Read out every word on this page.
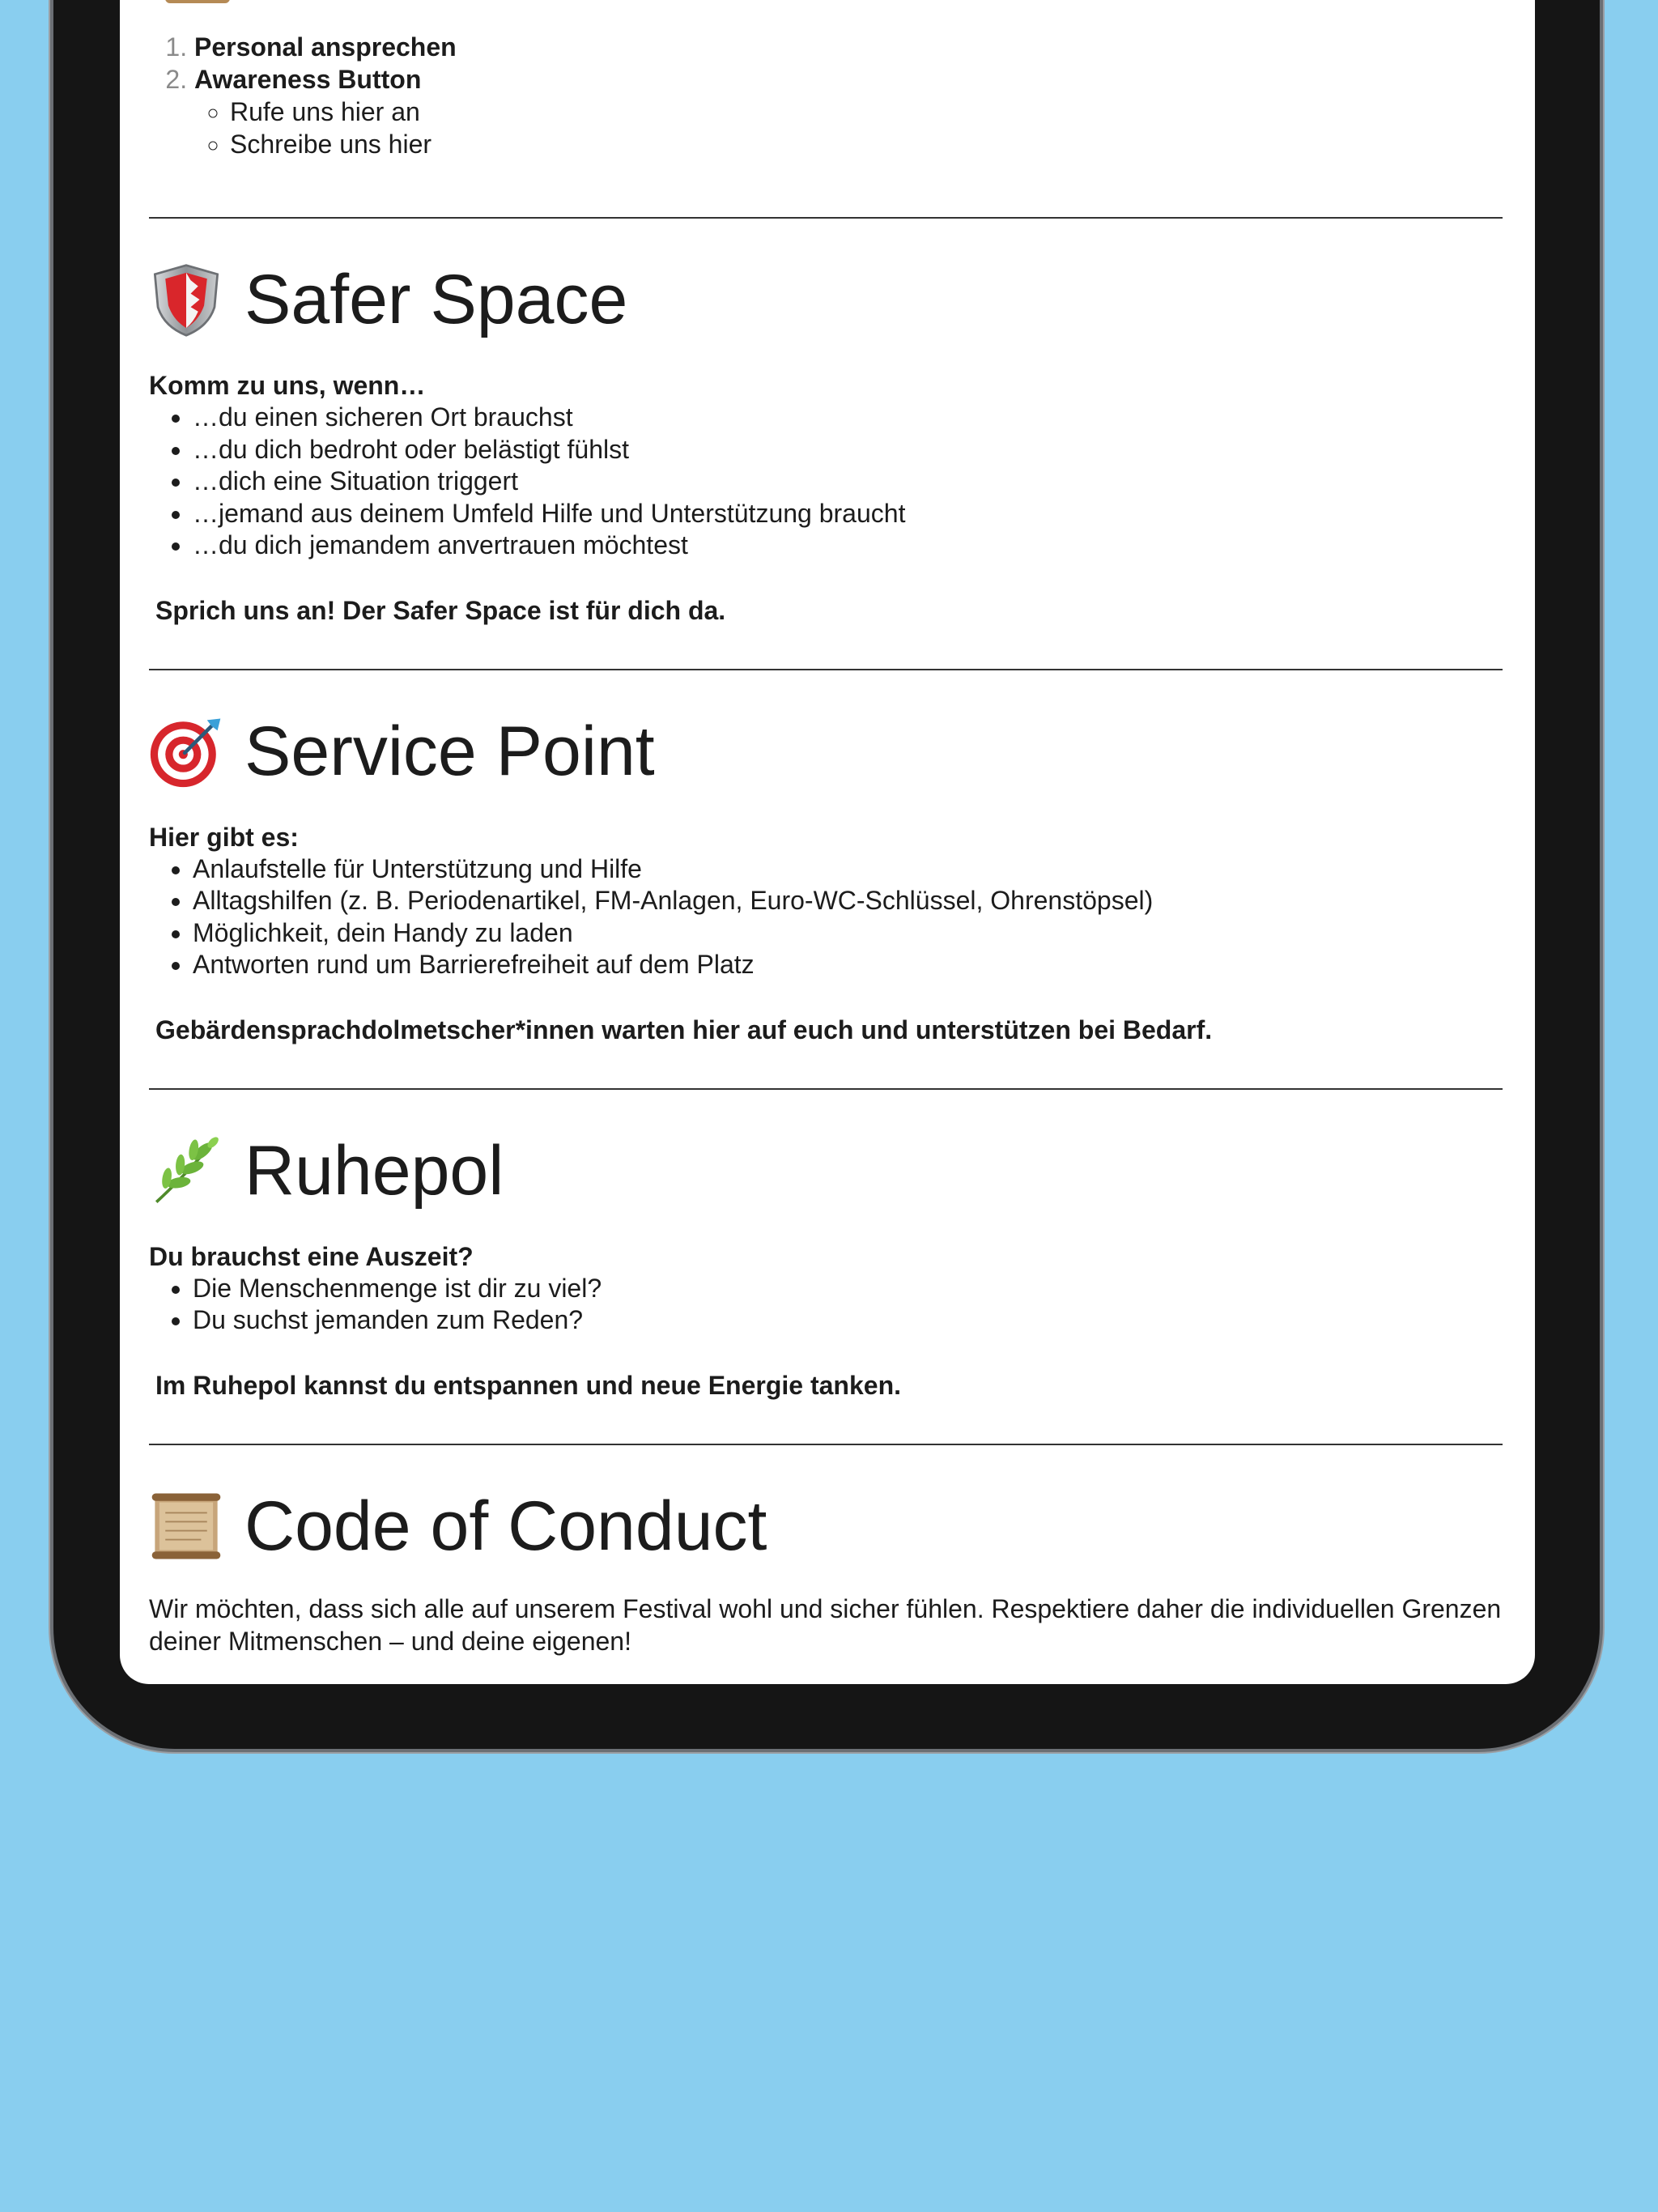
1. Personal ansprechen
2. Awareness Button
◦ Rufe uns hier an
◦ Schreibe uns hier
Safer Space

Komm zu uns, wenn…

• …du einen sicheren Ort brauchst
• …du dich bedroht oder belästigt fühlst
• …dich eine Situation triggert
• …jemand aus deinem Umfeld Hilfe und Unterstützung braucht
• …du dich jemandem anvertrauen möchtest

Sprich uns an! Der Safer Space ist für dich da.

Service Point

Hier gibt es:

• Anlaufstelle für Unterstützung und Hilfe
• Alltagshilfen (z. B. Periodenartikel, FM-Anlagen, Euro-WC-Schlüssel, Ohrenstöpsel)
• Möglichkeit, dein Handy zu laden
• Antworten rund um Barrierefreiheit auf dem Platz

Gebärdensprachdolmetscher*innen warten hier auf euch und unterstützen bei Bedarf.

Ruhepol

Du brauchst eine Auszeit?

• Die Menschenmenge ist dir zu viel?
• Du suchst jemanden zum Reden?

Im Ruhepol kannst du entspannen und neue Energie tanken.

Code of Conduct

Wir möchten, dass sich alle auf unserem Festival wohl und sicher fühlen. Respektiere daher die individuellen Grenzen deiner Mitmenschen – und deine eigenen!
